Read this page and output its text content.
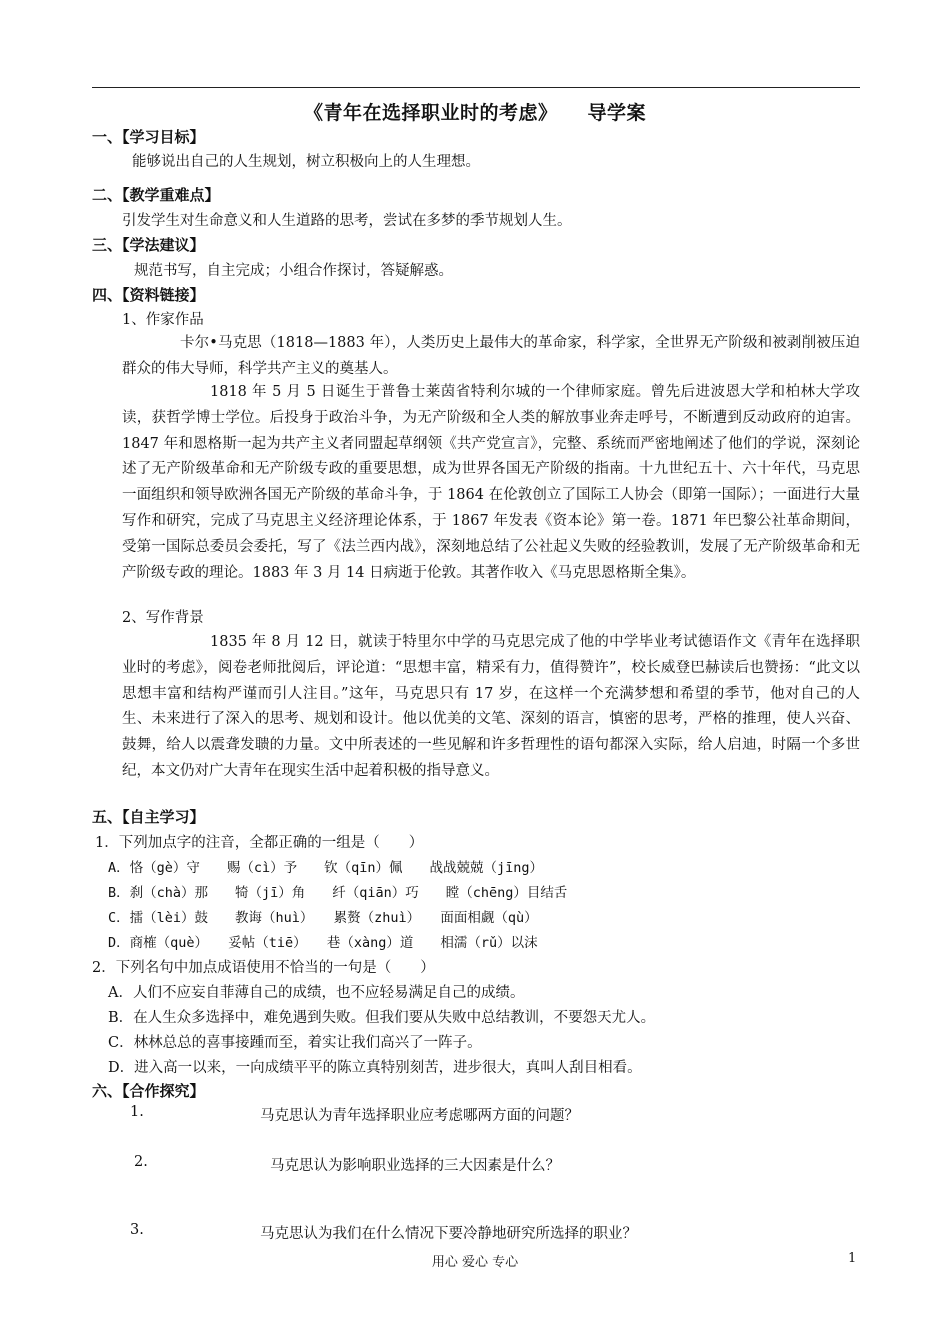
《青年在选择职业时的考虑》 导学案
一、【学习目标】
能够说出自己的人生规划，树立积极向上的人生理想。
二、【教学重难点】
引发学生对生命意义和人生道路的思考，尝试在多梦的季节规划人生。
三、【学法建议】
规范书写，自主完成；小组合作探讨，答疑解惑。
四、【资料链接】
1、作家作品
卡尔•马克思（1818—1883 年），人类历史上最伟大的革命家，科学家，全世界无产阶级和被剥削被压迫群众的伟大导师，科学共产主义的奠基人。
1818 年 5 月 5 日诞生于普鲁士莱茵省特利尔城的一个律师家庭。曾先后进波恩大学和柏林大学攻读，获哲学博士学位。后投身于政治斗争，为无产阶级和全人类的解放事业奔走呼号，不断遭到反动政府的迫害。1847 年和恩格斯一起为共产主义者同盟起草纲领《共产党宣言》，完整、系统而严密地阐述了他们的学说，深刻论述了无产阶级革命和无产阶级专政的重要思想，成为世界各国无产阶级的指南。十九世纪五十、六十年代，马克思一面组织和领导欧洲各国无产阶级的革命斗争，于 1864 在伦敦创立了国际工人协会（即第一国际）；一面进行大量写作和研究，完成了马克思主义经济理论体系，于 1867 年发表《资本论》第一卷。1871 年巴黎公社革命期间，受第一国际总委员会委托，写了《法兰西内战》，深刻地总结了公社起义失败的经验教训，发展了无产阶级革命和无产阶级专政的理论。1883 年 3 月 14 日病逝于伦敦。其著作收入《马克思恩格斯全集》。
2、写作背景
1835 年 8 月 12 日，就读于特里尔中学的马克思完成了他的中学毕业考试德语作文《青年在选择职业时的考虑》，阅卷老师批阅后，评论道：“思想丰富，精采有力，值得赞许”，校长威登巴赫读后也赞扬：“此文以思想丰富和结构严谨而引人注目。”这年，马克思只有 17 岁，在这样一个充满梦想和希望的季节，他对自己的人生、未来进行了深入的思考、规划和设计。他以优美的文笔、深刻的语言，慎密的思考，严格的推理，使人兴奋、鼓舞，给人以震聋发聩的力量。文中所表述的一些见解和许多哲理性的语句都深入实际，给人启迪，时隔一个多世纪，本文仍对广大青年在现实生活中起着积极的指导意义。
五、【自主学习】
1．下列加点字的注音，全都正确的一组是（　　）
A．恪（gè）守　　赐（cì）予　　钦（qīn）佩　　战战兢兢（jīng）
B．刹（chà）那　　犄（jī）角　　纤（qiān）巧　　瞠（chēng）目结舌
C．擂（lèi）鼓　　教诲（huì）　　累赘（zhuì）　　面面相觑（qù）
D．商榷（què）　　妥帖（tiē）　　巷（xàng）道　　相濡（rǔ）以沫
2．下列名句中加点成语使用不恰当的一句是（　　）
A．人们不应妄自菲薄自己的成绩，也不应轻易满足自己的成绩。
B．在人生众多选择中，难免遇到失败。但我们要从失败中总结教训，不要怨天尤人。
C．林林总总的喜事接踵而至，着实让我们高兴了一阵子。
D．进入高一以来，一向成绩平平的陈立真特别刻苦，进步很大，真叫人刮目相看。
六、【合作探究】
1.	马克思认为青年选择职业应考虑哪两方面的问题？
2.	马克思认为影响职业选择的三大因素是什么？
3.	马克思认为我们在什么情况下要冷静地研究所选择的职业？
用心 爱心 专心	1
